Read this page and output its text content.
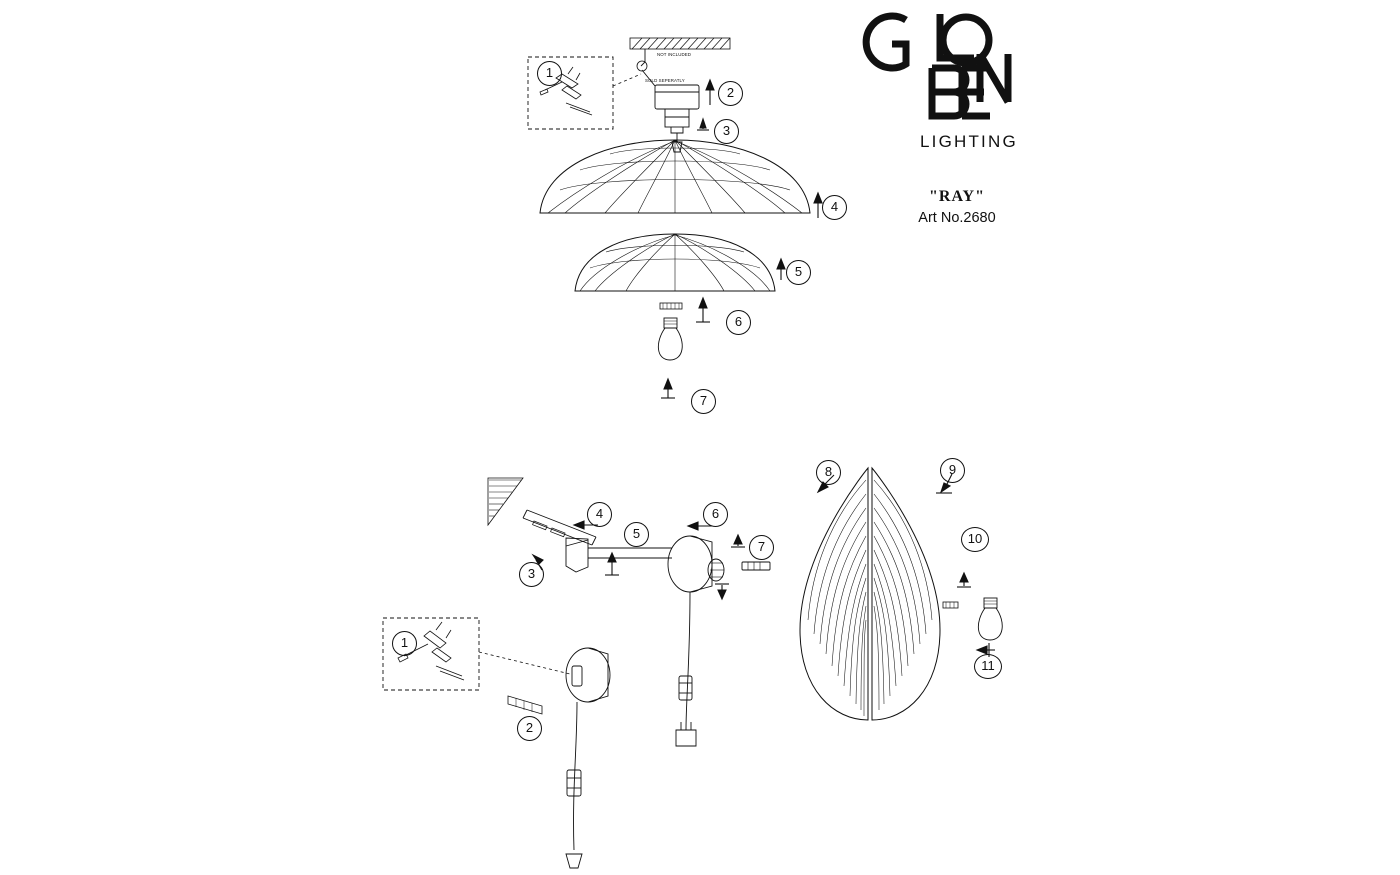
LIGHTING
"RAY"
Art No.2680
NOT INCLUDED
SOLD SEPERATLY
1
2
3
4
5
6
7
1
2
3
4
5
6
7
8	9
10
11
